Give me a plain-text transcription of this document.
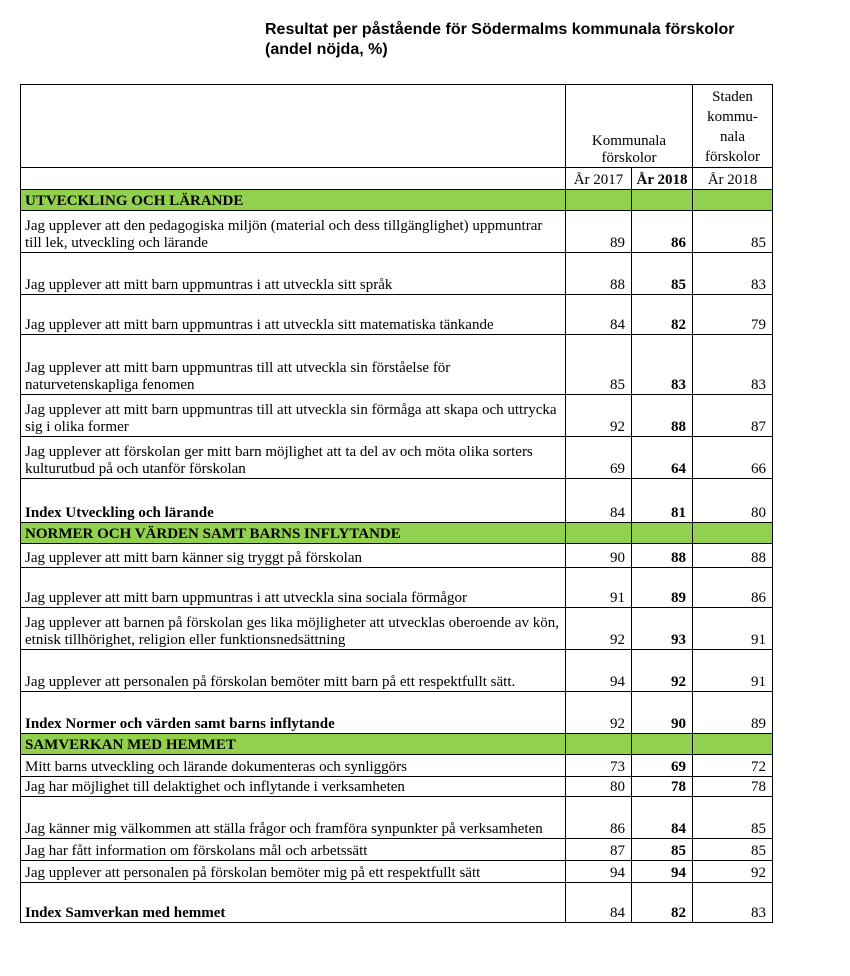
Resultat per påstående för Södermalms kommunala förskolor
(andel nöjda, %)
	Kommunala förskolor		Staden
kommu-
nala
förskolor

	År 2017	År 2018	År 2018
UTVECKLING OCH LÄRANDE			
Jag upplever att den pedagogiska miljön (material och dess tillgänglighet) uppmuntrar till lek, utveckling och lärande	89	86	85
Jag upplever att mitt barn uppmuntras i att utveckla sitt språk	88	85	83
Jag upplever att mitt barn uppmuntras i att utveckla sitt matematiska tänkande	84	82	79
Jag upplever att mitt barn uppmuntras till att utveckla sin förståelse för naturvetenskapliga fenomen	85	83	83
Jag upplever att mitt barn uppmuntras till att utveckla sin förmåga att skapa och uttrycka sig i olika former	92	88	87
Jag upplever att förskolan ger mitt barn möjlighet att ta del av och möta olika sorters kulturutbud på och utanför förskolan	69	64	66
Index Utveckling och lärande	84	81	80
NORMER OCH VÄRDEN SAMT BARNS INFLYTANDE			
Jag upplever att mitt barn känner sig tryggt på förskolan	90	88	88
Jag upplever att mitt barn uppmuntras i att utveckla sina sociala förmågor	91	89	86
Jag upplever att barnen på förskolan ges lika möjligheter att utvecklas oberoende av kön, etnisk tillhörighet, religion eller funktionsnedsättning	92	93	91
Jag upplever att personalen på förskolan bemöter mitt barn på ett respektfullt sätt.	94	92	91
Index Normer och värden samt barns inflytande	92	90	89
SAMVERKAN MED HEMMET			
Mitt barns utveckling och lärande dokumenteras och synliggörs	73	69	72
Jag har möjlighet till delaktighet och inflytande i verksamheten	80	78	78
Jag känner mig välkommen att ställa frågor och framföra synpunkter på verksamheten	86	84	85
Jag har fått information om förskolans mål och arbetssätt	87	85	85
Jag upplever att personalen på förskolan bemöter mig på ett respektfullt sätt	94	94	92
Index Samverkan med hemmet	84	82	83
